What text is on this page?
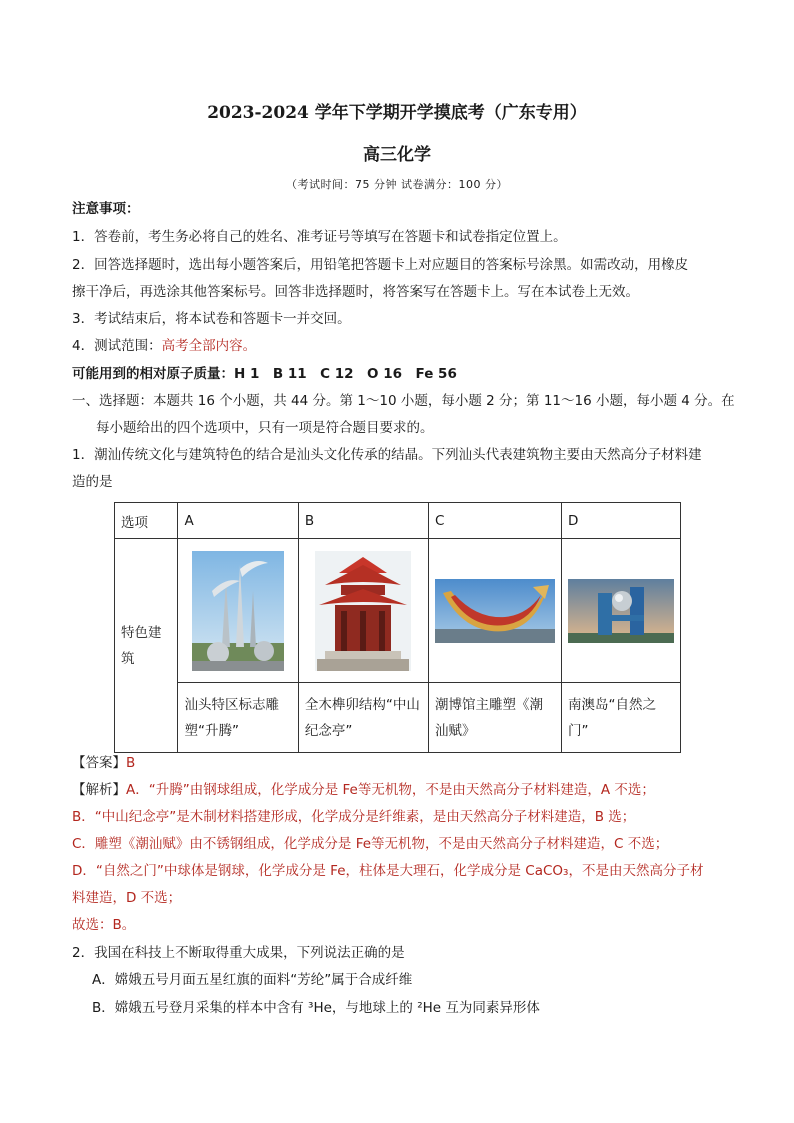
2023-2024 学年下学期开学摸底考（广东专用）
高三化学
（考试时间：75 分钟 试卷满分：100 分）
注意事项：
1．答卷前，考生务必将自己的姓名、准考证号等填写在答题卡和试卷指定位置上。
2．回答选择题时，选出每小题答案后，用铅笔把答题卡上对应题目的答案标号涂黑。如需改动，用橡皮
擦干净后，再选涂其他答案标号。回答非选择题时，将答案写在答题卡上。写在本试卷上无效。
3．考试结束后，将本试卷和答题卡一并交回。
4．测试范围：高考全部内容。
可能用到的相对原子质量：H 1　B 11　C 12　O 16　Fe 56
一、选择题：本题共 16 个小题，共 44 分。第 1～10 小题，每小题 2 分；第 11～16 小题，每小题 4 分。在
每小题给出的四个选项中，只有一项是符合题目要求的。
1．潮汕传统文化与建筑特色的结合是汕头文化传承的结晶。下列汕头代表建筑物主要由天然高分子材料建
造的是
选项	A	B	C	D
特色建筑	

	汕头特区标志雕塑“升腾”	全木榫卯结构“中山纪念亭”	潮博馆主雕塑《潮汕赋》	南澳岛“自然之门”
【答案】B
【解析】A．“升腾”由钢球组成，化学成分是 Fe等无机物，不是由天然高分子材料建造，A 不选；
B．“中山纪念亭”是木制材料搭建形成，化学成分是纤维素，是由天然高分子材料建造，B 选；
C．雕塑《潮汕赋》由不锈钢组成，化学成分是 Fe等无机物，不是由天然高分子材料建造，C 不选；
D．“自然之门”中球体是钢球，化学成分是 Fe，柱体是大理石，化学成分是 CaCO₃，不是由天然高分子材
料建造，D 不选；
故选：B。
2．我国在科技上不断取得重大成果，下列说法正确的是
A．嫦娥五号月面五星红旗的面料“芳纶”属于合成纤维
B．嫦娥五号登月采集的样本中含有 ³He，与地球上的 ²He 互为同素异形体
